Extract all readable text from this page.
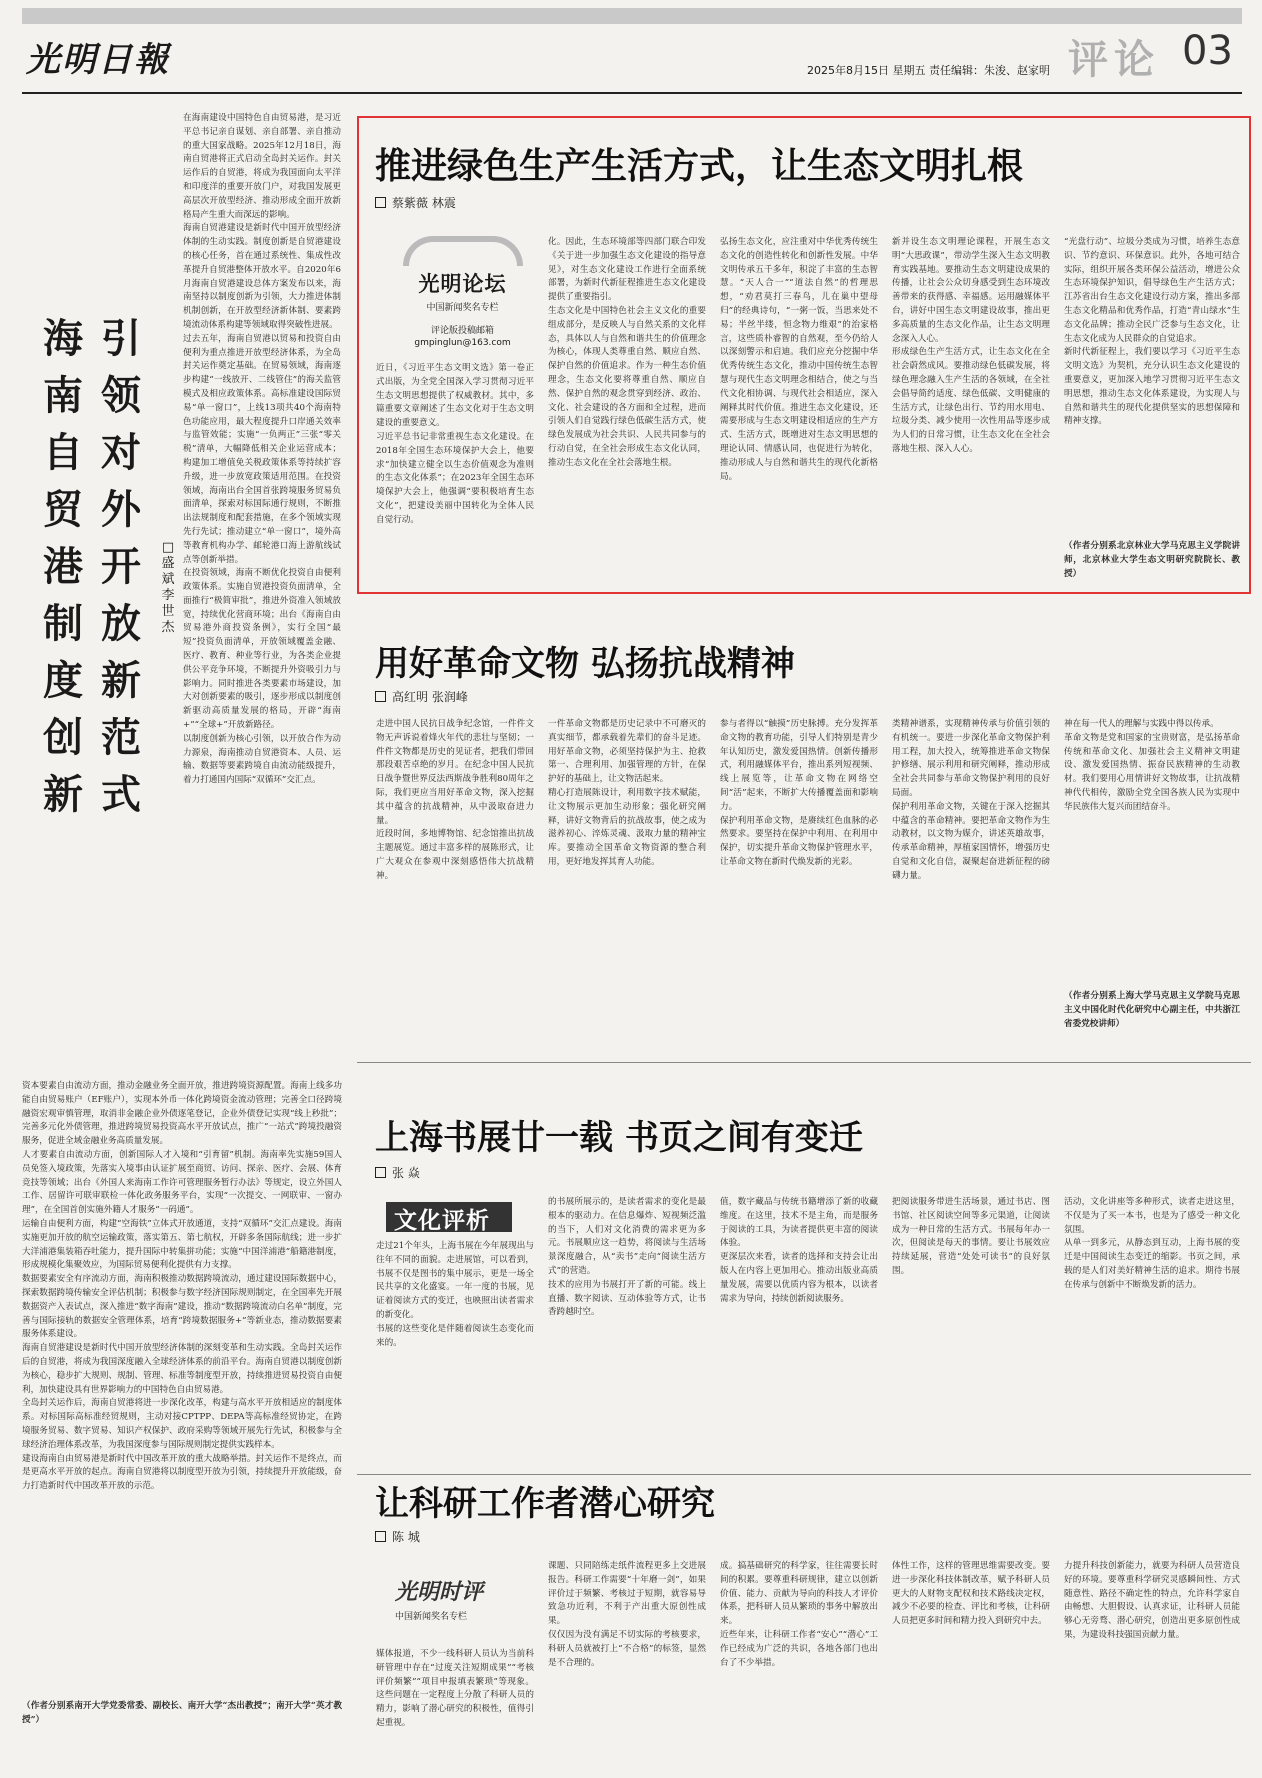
光明日報	2025年8月15日 星期五 责任编辑：朱浚、赵家明 评论 03
引领对外开放新范式
海南自贸港制度创新
□盛斌 李世杰
在海南建设中国特色自由贸易港，是习近平总书记亲自谋划、亲自部署、亲自推动的重大国家战略。2025年12月18日，海南自贸港将正式启动全岛封关运作。封关运作后的自贸港，将成为我国面向太平洋和印度洋的重要开放门户，对我国发展更高层次开放型经济、推动形成全面开放新格局产生重大而深远的影响。
海南自贸港建设是新时代中国开放型经济体制的生动实践。制度创新是自贸港建设的核心任务，首在通过系统性、集成性改革提升自贸港整体开放水平。自2020年6月海南自贸港建设总体方案发布以来，海南坚持以制度创新为引领，大力推进体制机制创新，在开放型经济新体制、要素跨境流动体系构建等领域取得突破性进展。
过去五年，海南自贸港以贸易和投资自由便利为重点推进开放型经济体系，为全岛封关运作奠定基础。在贸易领域，海南逐步构建“一线放开、二线管住”的海关监管模式及相应政策体系。高标准建设国际贸易“单一窗口”，上线13项共40个海南特色功能应用，最大程度提升口岸通关效率与监管效能；实施“一负两正”三张“零关税”清单，大幅降低相关企业运营成本；构建加工增值免关税政策体系等持续扩容升级，进一步放宽政策适用范围。在投资领域，海南出台全国首张跨境服务贸易负面清单，探索对标国际通行规则，不断推出法规制度和配套措施，在多个领域实现先行先试；推动建立“单一窗口”，境外高等教育机构办学、邮轮港口海上游航线试点等创新举措。
在投资领域，海南不断优化投资自由便利政策体系。实施自贸港投资负面清单，全面推行“极简审批”，推进外资准入领域放宽，持续优化营商环境；出台《海南自由贸易港外商投资条例》，实行全国“最短”投资负面清单，开放领域覆盖金融、医疗、教育、种业等行业，为各类企业提供公平竞争环境，不断提升外资吸引力与影响力。同时推进各类要素市场建设，加大对创新要素的吸引，逐步形成以制度创新驱动高质量发展的格局，开辟“海南+”“全球+”开放新路径。
以制度创新为核心引领，以开放合作为动力源泉，海南推动自贸港资本、人员、运输、数据等要素跨境自由流动能级提升，着力打通国内国际“双循环”交汇点。
资本要素自由流动方面，推动金融业务全面开放，推进跨境资源配置。海南上线多功能自由贸易账户（EF账户），实现本外币一体化跨境资金流动管理；完善全口径跨境融资宏观审慎管理，取消非金融企业外债逐笔登记，企业外债登记实现“线上秒批”；完善多元化外债管理，推进跨境贸易投资高水平开放试点，推广“一站式”跨境投融资服务，促进全域金融业务高质量发展。
人才要素自由流动方面，创新国际人才入境和“引育留”机制。海南率先实施59国人员免签入境政策，先落实入境事由认证扩展至商贸、访问、探亲、医疗、会展、体育竞技等领域；出台《外国人来海南工作许可管理服务暂行办法》等规定，设立外国人工作、居留许可联审联检一体化政务服务平台，实现“一次提交、一网联审、一窗办理”，在全国首创实施外籍人才服务“一码通”。
运输自由便利方面，构建“空海铁”立体式开放通道，支持“双循环”交汇点建设。海南实施更加开放的航空运输政策，落实第五、第七航权，开辟多条国际航线；进一步扩大洋浦港集装箱吞吐能力，提升国际中转集拼功能；实施“中国洋浦港”船籍港制度，形成规模化集聚效应，为国际贸易便利化提供有力支撑。
数据要素安全有序流动方面，海南积极推动数据跨境流动，通过建设国际数据中心，探索数据跨境传输安全评估机制；积极参与数字经济国际规则制定，在全国率先开展数据资产入表试点，深入推进“数字海南”建设，推动“数据跨境流动白名单”制度，完善与国际接轨的数据安全管理体系，培育“跨境数据服务+”等新业态，推动数据要素服务体系建设。
海南自贸港建设是新时代中国开放型经济体制的深刻变革和生动实践。全岛封关运作后的自贸港，将成为我国深度融入全球经济体系的前沿平台。海南自贸港以制度创新为核心，稳步扩大规则、规制、管理、标准等制度型开放，持续推进贸易投资自由便利，加快建设具有世界影响力的中国特色自由贸易港。
全岛封关运作后，海南自贸港将进一步深化改革，构建与高水平开放相适应的制度体系。对标国际高标准经贸规则，主动对接CPTPP、DEPA等高标准经贸协定，在跨境服务贸易、数字贸易、知识产权保护、政府采购等领域开展先行先试，积极参与全球经济治理体系改革，为我国深度参与国际规则制定提供实践样本。
建设海南自由贸易港是新时代中国改革开放的重大战略举措。封关运作不是终点，而是更高水平开放的起点。海南自贸港将以制度型开放为引领，持续提升开放能级，奋力打造新时代中国改革开放的示范。
（作者分别系南开大学党委常委、副校长、南开大学“杰出教授”；南开大学“英才教授”）
推进绿色生产生活方式，让生态文明扎根
蔡紫薇 林震
光明论坛
中国新闻奖名专栏
评论版投稿邮箱
gmpinglun@163.com
近日，《习近平生态文明文选》第一卷正式出版，为全党全国深入学习贯彻习近平生态文明思想提供了权威教材。其中，多篇重要文章阐述了生态文化对于生态文明建设的重要意义。
习近平总书记非常重视生态文化建设。在2018年全国生态环境保护大会上，他要求“加快建立健全以生态价值观念为准则的生态文化体系”；在2023年全国生态环境保护大会上，他强调“要积极培育生态文化”，把建设美丽中国转化为全体人民自觉行动。
化。因此，生态环境部等四部门联合印发《关于进一步加强生态文化建设的指导意见》，对生态文化建设工作进行全面系统部署，为新时代新征程推进生态文化建设提供了重要指引。
生态文化是中国特色社会主义文化的重要组成部分，是反映人与自然关系的文化样态，具体以人与自然和谐共生的价值理念为核心，体现人类尊重自然、顺应自然、保护自然的价值追求。作为一种生态价值理念，生态文化要将尊重自然、顺应自然、保护自然的观念贯穿到经济、政治、文化、社会建设的各方面和全过程，进而引领人们自觉践行绿色低碳生活方式，使绿色发展成为社会共识、人民共同参与的行动自觉，在全社会形成生态文化认同，推动生态文化在全社会落地生根。
弘扬生态文化，应注重对中华优秀传统生态文化的创造性转化和创新性发展。中华文明传承五千多年，积淀了丰富的生态智慧。“天人合一”“道法自然”的哲理思想，“劝君莫打三春鸟，儿在巢中望母归”的经典诗句，“一粥一饭，当思来处不易；半丝半缕，恒念物力维艰”的治家格言，这些质朴睿智的自然观，至今仍给人以深刻警示和启迪。我们应充分挖掘中华优秀传统生态文化，推动中国传统生态智慧与现代生态文明理念相结合，使之与当代文化相协调、与现代社会相适应，深入阐释其时代价值。推进生态文化建设，还需要形成与生态文明建设相适应的生产方式、生活方式，既增进对生态文明思想的理论认同、情感认同，也促进行为转化，推动形成人与自然和谐共生的现代化新格局。
新并设生态文明理论课程，开展生态文明“大思政课”，带动学生深入生态文明教育实践基地。要推动生态文明建设成果的传播，让社会公众切身感受到生态环境改善带来的获得感、幸福感。运用融媒体平台，讲好中国生态文明建设故事，推出更多高质量的生态文化作品，让生态文明理念深入人心。
形成绿色生产生活方式，让生态文化在全社会蔚然成风。要推动绿色低碳发展，将绿色理念融入生产生活的各领域，在全社会倡导简约适度、绿色低碳、文明健康的生活方式，让绿色出行、节约用水用电、垃圾分类、减少使用一次性用品等逐步成为人们的日常习惯，让生态文化在全社会落地生根、深入人心。
“光盘行动”、垃圾分类成为习惯，培养生态意识、节约意识、环保意识。此外，各地可结合实际，组织开展各类环保公益活动，增进公众生态环境保护知识，倡导绿色生产生活方式；江苏省出台生态文化建设行动方案，推出多部生态文化精品和优秀作品，打造“青山绿水”生态文化品牌；推动全民广泛参与生态文化，让生态文化成为人民群众的自觉追求。
新时代新征程上，我们要以学习《习近平生态文明文选》为契机，充分认识生态文化建设的重要意义，更加深入地学习贯彻习近平生态文明思想，推动生态文化体系建设，为实现人与自然和谐共生的现代化提供坚实的思想保障和精神支撑。
（作者分别系北京林业大学马克思主义学院讲师，北京林业大学生态文明研究院院长、教授）
用好革命文物 弘扬抗战精神
高红明 张润峰
走进中国人民抗日战争纪念馆，一件件文物无声诉说着烽火年代的悲壮与坚韧；一件件文物都是历史的见证者，把我们带回那段艰苦卓绝的岁月。在纪念中国人民抗日战争暨世界反法西斯战争胜利80周年之际，我们更应当用好革命文物，深入挖掘其中蕴含的抗战精神，从中汲取奋进力量。
近段时间，多地博物馆、纪念馆推出抗战主题展览。通过丰富多样的展陈形式，让广大观众在参观中深刻感悟伟大抗战精神。
一件革命文物都是历史记录中不可磨灭的真实细节，都承载着先辈们的奋斗足迹。用好革命文物，必须坚持保护为主、抢救第一、合理利用、加强管理的方针，在保护好的基础上，让文物活起来。
精心打造展陈设计，利用数字技术赋能，让文物展示更加生动形象；强化研究阐释，讲好文物背后的抗战故事，使之成为滋养初心、淬炼灵魂、汲取力量的精神宝库。要推动全国革命文物资源的整合利用，更好地发挥其育人功能。
参与者得以“触摸”历史脉搏。充分发挥革命文物的教育功能，引导人们特别是青少年认知历史，激发爱国热情。创新传播形式，利用融媒体平台，推出系列短视频、线上展览等，让革命文物在网络空间“活”起来，不断扩大传播覆盖面和影响力。
保护利用革命文物，是赓续红色血脉的必然要求。要坚持在保护中利用、在利用中保护，切实提升革命文物保护管理水平，让革命文物在新时代焕发新的光彩。
类精神谱系，实现精神传承与价值引领的有机统一。要进一步深化革命文物保护利用工程，加大投入，统筹推进革命文物保护修缮、展示利用和研究阐释，推动形成全社会共同参与革命文物保护利用的良好局面。
保护利用革命文物，关键在于深入挖掘其中蕴含的革命精神。要把革命文物作为生动教材，以文物为媒介，讲述英雄故事，传承革命精神，厚植家国情怀，增强历史自觉和文化自信，凝聚起奋进新征程的磅礴力量。
神在每一代人的理解与实践中得以传承。
革命文物是党和国家的宝贵财富，是弘扬革命传统和革命文化、加强社会主义精神文明建设、激发爱国热情、振奋民族精神的生动教材。我们要用心用情讲好文物故事，让抗战精神代代相传，激励全党全国各族人民为实现中华民族伟大复兴而团结奋斗。
（作者分别系上海大学马克思主义学院马克思主义中国化时代化研究中心副主任，中共浙江省委党校讲师）
上海书展廿一载 书页之间有变迁
张 焱
文化评析
走过21个年头，上海书展在今年展现出与往年不同的面貌。走进展馆，可以看到，书展不仅是图书的集中展示，更是一场全民共享的文化盛宴。一年一度的书展，见证着阅读方式的变迁，也映照出读者需求的新变化。
书展的这些变化是伴随着阅读生态变化而来的。
的书展所展示的，是读者需求的变化是最根本的驱动力。在信息爆炸、短视频泛滥的当下，人们对文化消费的需求更为多元。书展顺应这一趋势，将阅读与生活场景深度融合，从“卖书”走向“阅读生活方式”的营造。
技术的应用为书展打开了新的可能。线上直播、数字阅读、互动体验等方式，让书香跨越时空。
值，数字藏品与传统书籍增添了新的收藏维度。在这里，技术不是主角，而是服务于阅读的工具，为读者提供更丰富的阅读体验。
更深层次来看，读者的选择和支持会让出版人在内容上更加用心。推动出版业高质量发展，需要以优质内容为根本，以读者需求为导向，持续创新阅读服务。
把阅读服务带进生活场景，通过书店、图书馆、社区阅读空间等多元渠道，让阅读成为一种日常的生活方式。书展每年办一次，但阅读是每天的事情。要让书展效应持续延展，营造“处处可读书”的良好氛围。
活动，文化讲座等多种形式，读者走进这里，不仅是为了买一本书，也是为了感受一种文化氛围。
从单一到多元，从静态到互动，上海书展的变迁是中国阅读生态变迁的缩影。书页之间，承载的是人们对美好精神生活的追求。期待书展在传承与创新中不断焕发新的活力。
让科研工作者潜心研究
陈 城
光明时评
中国新闻奖名专栏
媒体报道，不少一线科研人员认为当前科研管理中存在“过度关注短期成果”“考核评价频繁”“项目申报填表繁琐”等现象。这些问题在一定程度上分散了科研人员的精力，影响了潜心研究的积极性，值得引起重视。
课题、只同陪练走纸件流程更多上交进展报告。科研工作需要“十年磨一剑”，如果评价过于频繁、考核过于短期，就容易导致急功近利，不利于产出重大原创性成果。
仅仅因为没有满足不切实际的考核要求，科研人员就被打上“不合格”的标签，显然是不合理的。
成。搞基础研究的科学家，往往需要长时间的积累。要尊重科研规律，建立以创新价值、能力、贡献为导向的科技人才评价体系，把科研人员从繁琐的事务中解放出来。
近些年来，让科研工作者“安心”“潜心”工作已经成为广泛的共识，各地各部门也出台了不少举措。
体性工作，这样的管理思维需要改变。要进一步深化科技体制改革，赋予科研人员更大的人财物支配权和技术路线决定权，减少不必要的检查、评比和考核，让科研人员把更多时间和精力投入到研究中去。
力提升科技创新能力，就要为科研人员营造良好的环境。要尊重科学研究灵感瞬间性、方式随意性、路径不确定性的特点，允许科学家自由畅想、大胆假设、认真求证，让科研人员能够心无旁骛、潜心研究，创造出更多原创性成果，为建设科技强国贡献力量。
